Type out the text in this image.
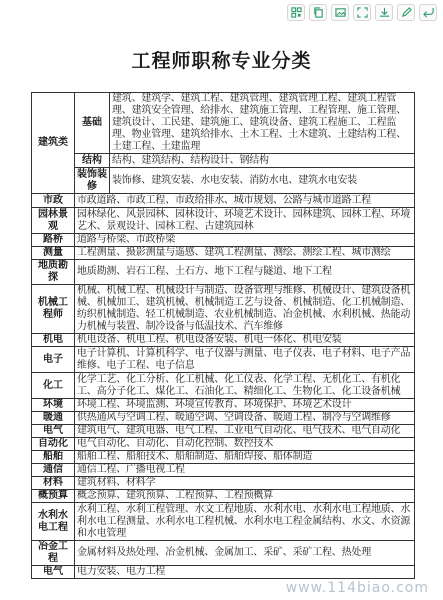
工程师职称专业分类
建筑类	基础	建筑、建筑学、建筑工程、建筑管理、建筑管理工程、建筑工程管理、建筑安全管理、给排水、建筑施工管理、工程管理、施工管理、建筑设计、工民建、建筑施工、建筑设备、建筑工程施工、工程监理、物业管理、建筑给排水、土木工程、土木建筑、土建结构工程、土建工程、土建监理
	结构	结构、建筑结构、结构设计、钢结构
	装饰装修	装饰修、建筑安装、水电安装、消防水电、建筑水电安装
市政	市政道路、市政工程、市政给排水、城市规划、公路与城市道路工程	
园林景观	园林绿化、风景园林、园林设计、环境艺术设计、园林建筑、园林工程、环境艺术、景观设计、园林工程、古建筑园林	
路桥	道路与桥梁、市政桥梁	
测量	工程测量、摄影测量与遥感、建筑工程测量、测绘、测绘工程、城市测绘	
地质勘探	地质勘测、岩石工程、土石方、地下工程与隧道、地下工程	
机械工程师	机械、机械工程、机械设计与制造、设备管理与维修、机械设计、建筑设备机械、机械加工、建筑机械、机械制造工艺与设备、机械制造、化工机械制造、纺织机械制造、轻工机械制造、农业机械制造、冶金机械、水利机械、热能动力机械与装置、制冷设备与低温技术、汽车维修	
机电	机电设备、机电工程、机电设备安装、机电一体化、机电安装	
电子	电子计算机、计算机科学、电子仪器与测量、电子仪表、电子材料、电子产品维修、电子工程、电子信息	
化工	化学工艺、化工分析、化工机械、化工仪表、化学工程、无机化工、有机化工、高分子化工、煤化工、石油化工、精细化工、生物化工、化工设备机械	
环境	环境工程、环境监测、环境宣传教育、环境保护、环境艺术设计	
暖通	供热通风与空调工程、暖通空调、空调设备、暖通工程、制冷与空调维修	
电气	建筑电气、建筑电器、电气工程、工业电气自动化、电气技术、电气自动化	
自动化	电气自动化、自动化、自动化控制、数控技术	
船舶	船舶工程、船舶技术、船舶制造、船舶焊接、船体制造	
通信	通信工程、广播电视工程	
材料	建筑材料、材料学	
概预算	概念预算、建筑预算、工程预算、工程预概算	
水利水电工程	水利工程、水利工程管理、水文工程地质、水利水电、水利水电工程地质、水利水电工程测量、水利水电工程机械、水利水电工程金属结构、水文、水资源和水电管理	
冶金工程	金属材料及热处理、冶金机械、金属加工、采矿、采矿工程、热处理	
电气	电力安装、电力工程	
www.114biao.com
